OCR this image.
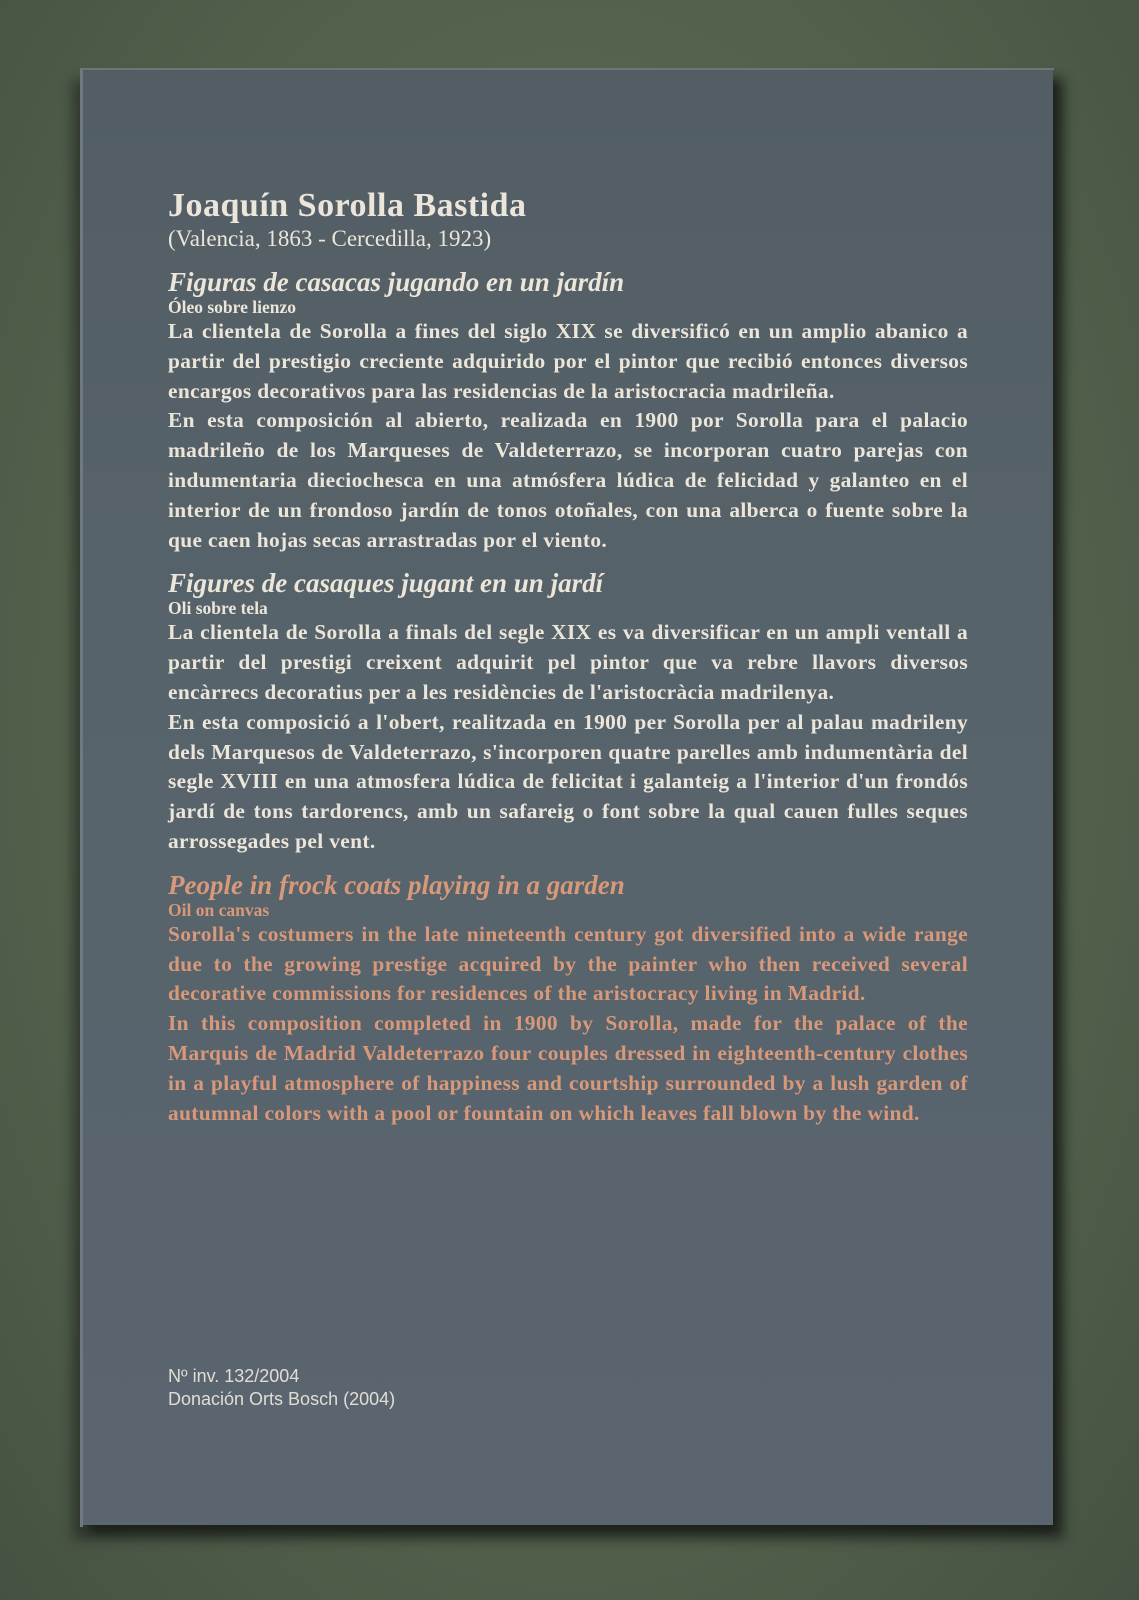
Joaquín Sorolla Bastida
(Valencia, 1863 - Cercedilla, 1923)
Figuras de casacas jugando en un jardín
Óleo sobre lienzo
La clientela de Sorolla a fines del siglo XIX se diversificó en un amplio abanico a partir del prestigio creciente adquirido por el pintor que recibió entonces diversos encargos decorativos para las residencias de la aristocracia madrileña.
En esta composición al abierto, realizada en 1900 por Sorolla para el palacio madrileño de los Marqueses de Valdeterrazo, se incorporan cuatro parejas con indumentaria dieciochesca en una atmósfera lúdica de felicidad y galanteo en el interior de un frondoso jardín de tonos otoñales, con una alberca o fuente sobre la que caen hojas secas arrastradas por el viento.
Figures de casaques jugant en un jardí
Oli sobre tela
La clientela de Sorolla a finals del segle XIX es va diversificar en un ampli ventall a partir del prestigi creixent adquirit pel pintor que va rebre llavors diversos encàrrecs decoratius per a les residències de l'aristocràcia madrilenya.
En esta composició a l'obert, realitzada en 1900 per Sorolla per al palau madrileny dels Marquesos de Valdeterrazo, s'incorporen quatre parelles amb indumentària del segle XVIII en una atmosfera lúdica de felicitat i galanteig a l'interior d'un frondós jardí de tons tardorencs, amb un safareig o font sobre la qual cauen fulles seques arrossegades pel vent.
People in frock coats playing in a garden
Oil on canvas
Sorolla's costumers in the late nineteenth century got diversified into a wide range due to the growing prestige acquired by the painter who then received several decorative commissions for residences of the aristocracy living in Madrid.
In this composition completed in 1900 by Sorolla, made for the palace of the Marquis de Madrid Valdeterrazo four couples dressed in eighteenth-century clothes in a playful atmosphere of happiness and courtship surrounded by a lush garden of autumnal colors with a pool or fountain on which leaves fall blown by the wind.
Nº inv. 132/2004
Donación Orts Bosch (2004)
